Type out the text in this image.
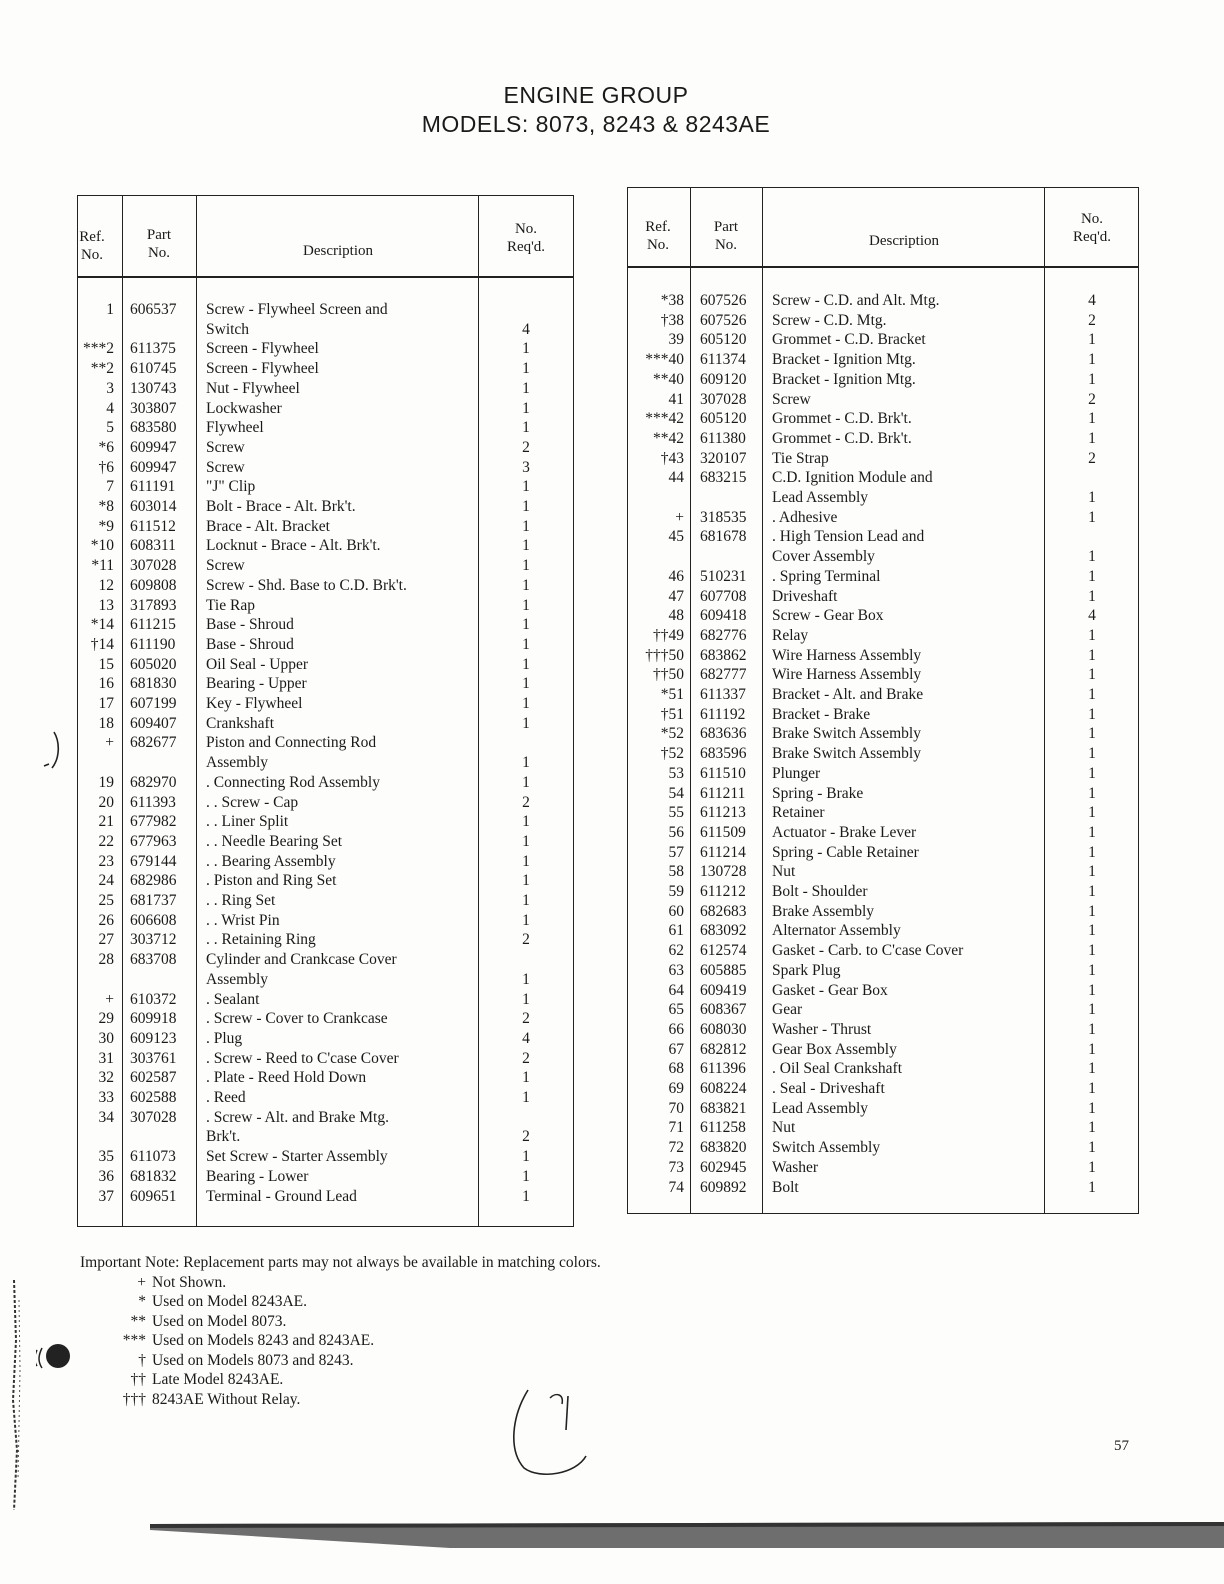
ENGINE GROUP
MODELS: 8073, 8243 & 8243AE
Ref.
No.
Part
No.	Description
No.
Req'd.
1 606537	Screw - Flywheel Screen and
Switch	4
***2 611375	Screen - Flywheel	1
**2 610745	Screen - Flywheel	1
3 130743	Nut - Flywheel	1
4 303807	Lockwasher	1
5 683580	Flywheel	1
*6 609947	Screw	2
†6 609947	Screw	3
7 611191	"J" Clip	1
*8 603014	Bolt - Brace - Alt. Brk't.	1
*9 611512	Brace - Alt. Bracket	1
*10 608311	Locknut - Brace - Alt. Brk't.	1
*11 307028	Screw	1
12 609808	Screw - Shd. Base to C.D. Brk't.	1
13 317893	Tie Rap	1
*14 611215	Base - Shroud	1
†14 611190	Base - Shroud	1
15 605020	Oil Seal - Upper	1
16 681830	Bearing - Upper	1
17 607199	Key - Flywheel	1
18 609407	Crankshaft	1
+ 682677	Piston and Connecting Rod
Assembly	1
19 682970	. Connecting Rod Assembly	1
20 611393	. . Screw - Cap	2
21 677982	. . Liner Split	1
22 677963	. . Needle Bearing Set	1
23 679144	. . Bearing Assembly	1
24 682986	. Piston and Ring Set	1
25 681737	. . Ring Set	1
26 606608	. . Wrist Pin	1
27 303712	. . Retaining Ring	2
28 683708	Cylinder and Crankcase Cover
Assembly	1
+ 610372	. Sealant	1
29 609918	. Screw - Cover to Crankcase	2
30 609123	. Plug	4
31 303761	. Screw - Reed to C'case Cover	2
32 602587	. Plate - Reed Hold Down	1
33 602588	. Reed	1
34 307028	. Screw - Alt. and Brake Mtg.
Brk't.	2
35 611073	Set Screw - Starter Assembly	1
36 681832	Bearing - Lower	1
37 609651	Terminal - Ground Lead	1
Ref.
No.
Part
No.	Description
No.
Req'd.
*38 607526	Screw - C.D. and Alt. Mtg.	4
†38 607526	Screw - C.D. Mtg.	2
39 605120	Grommet - C.D. Bracket	1
***40 611374	Bracket - Ignition Mtg.	1
**40 609120	Bracket - Ignition Mtg.	1
41 307028	Screw	2
***42 605120	Grommet - C.D. Brk't.	1
**42 611380	Grommet - C.D. Brk't.	1
†43 320107	Tie Strap	2
44 683215	C.D. Ignition Module and
Lead Assembly	1
+ 318535	. Adhesive	1
45 681678	. High Tension Lead and
Cover Assembly	1
46 510231	. Spring Terminal	1
47 607708	Driveshaft	1
48 609418	Screw - Gear Box	4
††49 682776	Relay	1
†††50 683862	Wire Harness Assembly	1
††50 682777	Wire Harness Assembly	1
*51 611337	Bracket - Alt. and Brake	1
†51 611192	Bracket - Brake	1
*52 683636	Brake Switch Assembly	1
†52 683596	Brake Switch Assembly	1
53 611510	Plunger	1
54 611211	Spring - Brake	1
55 611213	Retainer	1
56 611509	Actuator - Brake Lever	1
57 611214	Spring - Cable Retainer	1
58 130728	Nut	1
59 611212	Bolt - Shoulder	1
60 682683	Brake Assembly	1
61 683092	Alternator Assembly	1
62 612574	Gasket - Carb. to C'case Cover	1
63 605885	Spark Plug	1
64 609419	Gasket - Gear Box	1
65 608367	Gear	1
66 608030	Washer - Thrust	1
67 682812	Gear Box Assembly	1
68 611396	. Oil Seal Crankshaft	1
69 608224	. Seal - Driveshaft	1
70 683821	Lead Assembly	1
71 611258	Nut	1
72 683820	Switch Assembly	1
73 602945	Washer	1
74 609892	Bolt	1
Important Note: Replacement parts may not always be available in matching colors.
+ Not Shown.
* Used on Model 8243AE.
** Used on Model 8073.
*** Used on Models 8243 and 8243AE.
† Used on Models 8073 and 8243.
†† Late Model 8243AE.
††† 8243AE Without Relay.
57
